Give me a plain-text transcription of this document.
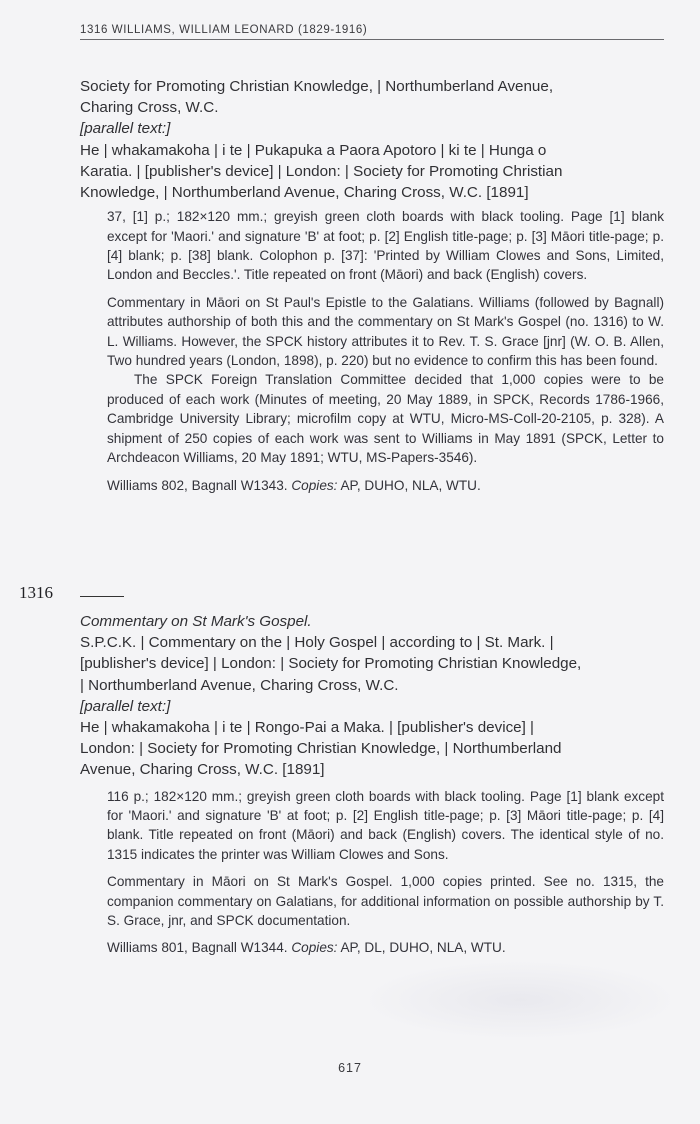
1316 WILLIAMS, WILLIAM LEONARD (1829-1916)

Society for Promoting Christian Knowledge, | Northumberland Avenue,

Charing Cross, W.C.

[parallel text:]

He | whakamakoha | i te | Pukapuka a Paora Apotoro | ki te | Hunga o

Karatia. | [publisher's device] | London: | Society for Promoting Christian

Knowledge, | Northumberland Avenue, Charing Cross, W.C. [1891]

37, [1] p.; 182×120 mm.; greyish green cloth boards with black tooling. Page [1] blank except for 'Maori.' and signature 'B' at foot; p. [2] English title-page; p. [3] Māori title-page; p. [4] blank; p. [38] blank. Colophon p. [37]: 'Printed by William Clowes and Sons, Limited, London and Beccles.'. Title repeated on front (Māori) and back (English) covers.

Commentary in Māori on St Paul's Epistle to the Galatians. Williams (followed by Bagnall) attributes authorship of both this and the commentary on St Mark's Gospel (no. 1316) to W. L. Williams. However, the SPCK history attributes it to Rev. T. S. Grace [jnr] (W. O. B. Allen, Two hundred years (London, 1898), p. 220) but no evidence to confirm this has been found.

The SPCK Foreign Translation Committee decided that 1,000 copies were to be produced of each work (Minutes of meeting, 20 May 1889, in SPCK, Records 1786-1966, Cambridge University Library; microfilm copy at WTU, Micro-MS-Coll-20-2105, p. 328). A shipment of 250 copies of each work was sent to Williams in May 1891 (SPCK, Letter to Archdeacon Williams, 20 May 1891; WTU, MS-Papers-3546).

Williams 802, Bagnall W1343. Copies: AP, DUHO, NLA, WTU.

1316

Commentary on St Mark's Gospel.

S.P.C.K. | Commentary on the | Holy Gospel | according to | St. Mark. |

[publisher's device] | London: | Society for Promoting Christian Knowledge,

| Northumberland Avenue, Charing Cross, W.C.

[parallel text:]

He | whakamakoha | i te | Rongo-Pai a Maka. | [publisher's device] |

London: | Society for Promoting Christian Knowledge, | Northumberland

Avenue, Charing Cross, W.C. [1891]

116 p.; 182×120 mm.; greyish green cloth boards with black tooling. Page [1] blank except for 'Maori.' and signature 'B' at foot; p. [2] English title-page; p. [3] Māori title-page; p. [4] blank. Title repeated on front (Māori) and back (English) covers. The identical style of no. 1315 indicates the printer was William Clowes and Sons.

Commentary in Māori on St Mark's Gospel. 1,000 copies printed. See no. 1315, the companion commentary on Galatians, for additional information on possible authorship by T. S. Grace, jnr, and SPCK documentation.

Williams 801, Bagnall W1344. Copies: AP, DL, DUHO, NLA, WTU.

617
